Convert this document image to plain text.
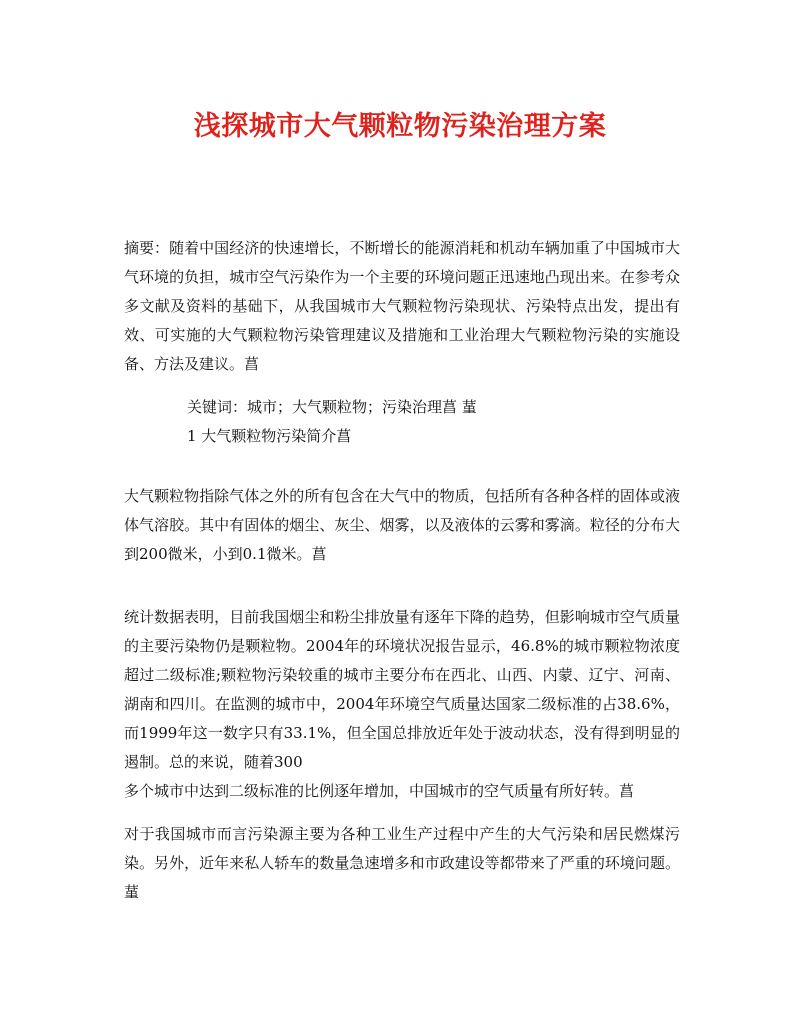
浅探城市大气颗粒物污染治理方案
摘要：随着中国经济的快速增长，不断增长的能源消耗和机动车辆加重了中国城市大气环境的负担，城市空气污染作为一个主要的环境问题正迅速地凸现出来。在参考众多文献及资料的基础下，从我国城市大气颗粒物污染现状、污染特点出发，提出有效、可实施的大气颗粒物污染管理建议及措施和工业治理大气颗粒物污染的实施设备、方法及建议。菖
关键词：城市；大气颗粒物；污染治理菖 蓳
1 大气颗粒物污染简介菖
大气颗粒物指除气体之外的所有包含在大气中的物质，包括所有各种各样的固体或液体气溶胶。其中有固体的烟尘、灰尘、烟雾，以及液体的云雾和雾滴。粒径的分布大到200微米，小到0.1微米。菖
统计数据表明，目前我国烟尘和粉尘排放量有逐年下降的趋势，但影响城市空气质量的主要污染物仍是颗粒物。2004年的环境状况报告显示，46.8%的城市颗粒物浓度超过二级标准;颗粒物污染较重的城市主要分布在西北、山西、内蒙、辽宁、河南、湖南和四川。在监测的城市中，2004年环境空气质量达国家二级标准的占38.6%，而1999年这一数字只有33.1%，但全国总排放近年处于波动状态，没有得到明显的遏制。总的来说，随着300
多个城市中达到二级标准的比例逐年增加，中国城市的空气质量有所好转。菖
对于我国城市而言污染源主要为各种工业生产过程中产生的大气污染和居民燃煤污染。另外，近年来私人轿车的数量急速增多和市政建设等都带来了严重的环境问题。蓳
